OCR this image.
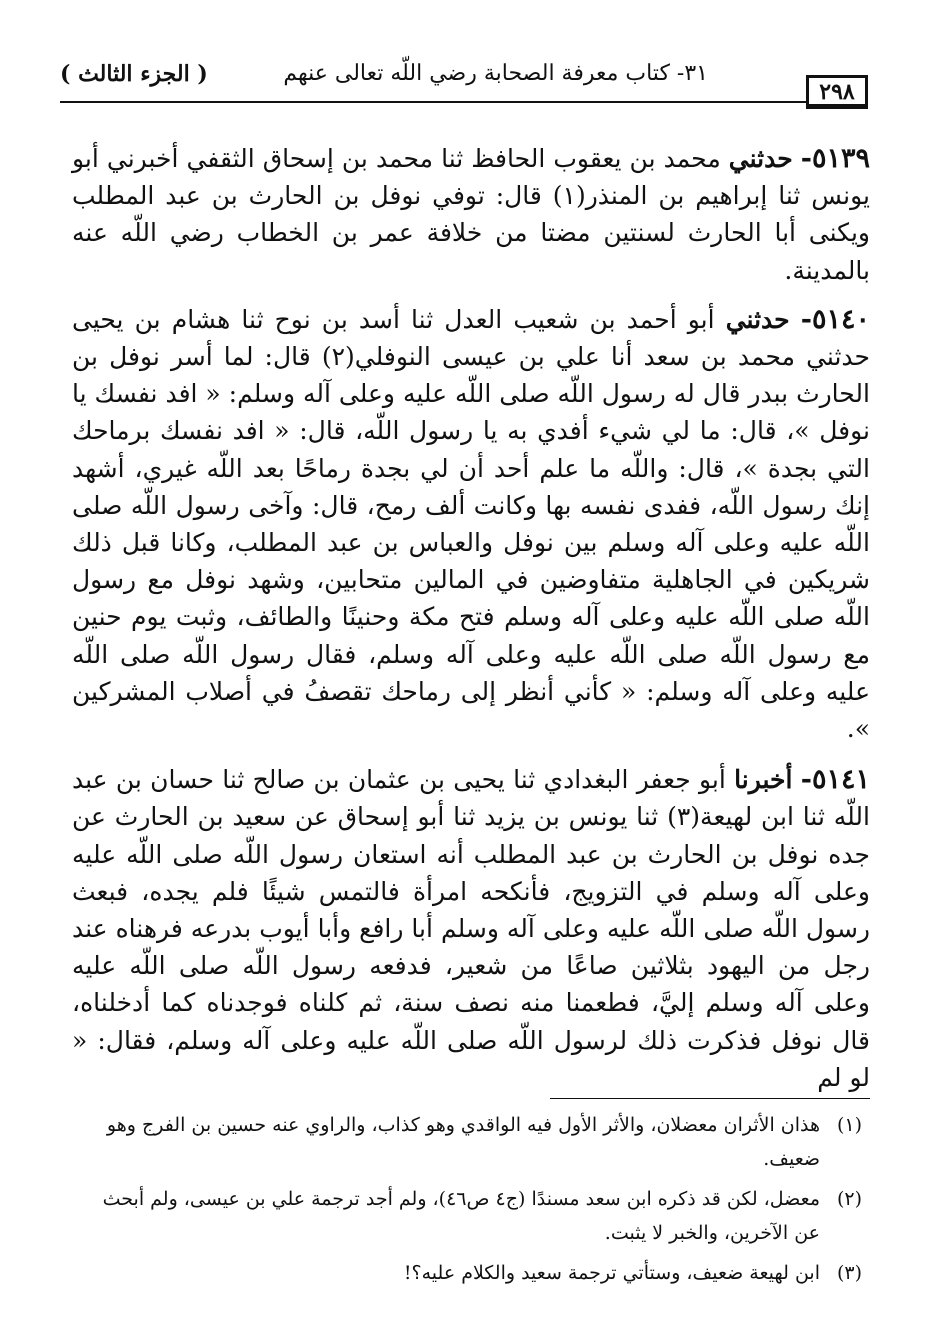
٢٩٨
٣١- كتاب معرفة الصحابة رضي اللّه تعالى عنهم
( الجزء الثالث )

٥١٣٩- حدثني محمد بن يعقوب الحافظ ثنا محمد بن إسحاق الثقفي أخبرني أبو يونس ثنا إبراهيم بن المنذر(١) قال: توفي نوفل بن الحارث بن عبد المطلب ويكنى أبا الحارث لسنتين مضتا من خلافة عمر بن الخطاب رضي اللّه عنه بالمدينة.

٥١٤٠- حدثني أبو أحمد بن شعيب العدل ثنا أسد بن نوح ثنا هشام بن يحيى حدثني محمد بن سعد أنا علي بن عيسى النوفلي(٢) قال: لما أسر نوفل بن الحارث ببدر قال له رسول اللّه صلى اللّه عليه وعلى آله وسلم: « افد نفسك يا نوفل »، قال: ما لي شيء أفدي به يا رسول اللّه، قال: « افد نفسك برماحك التي بجدة »، قال: واللّه ما علم أحد أن لي بجدة رماحًا بعد اللّه غيري، أشهد إنك رسول اللّه، ففدى نفسه بها وكانت ألف رمح، قال: وآخى رسول اللّه صلى اللّه عليه وعلى آله وسلم بين نوفل والعباس بن عبد المطلب، وكانا قبل ذلك شريكين في الجاهلية متفاوضين في المالين متحابين، وشهد نوفل مع رسول اللّه صلى اللّه عليه وعلى آله وسلم فتح مكة وحنينًا والطائف، وثبت يوم حنين مع رسول اللّه صلى اللّه عليه وعلى آله وسلم، فقال رسول اللّه صلى اللّه عليه وعلى آله وسلم: « كأني أنظر إلى رماحك تقصفُ في أصلاب المشركين ».

٥١٤١- أخبرنا أبو جعفر البغدادي ثنا يحيى بن عثمان بن صالح ثنا حسان بن عبد اللّه ثنا ابن لهيعة(٣) ثنا يونس بن يزيد ثنا أبو إسحاق عن سعيد بن الحارث عن جده نوفل بن الحارث بن عبد المطلب أنه استعان رسول اللّه صلى اللّه عليه وعلى آله وسلم في التزويج، فأنكحه امرأة فالتمس شيئًا فلم يجده، فبعث رسول اللّه صلى اللّه عليه وعلى آله وسلم أبا رافع وأبا أيوب بدرعه فرهناه عند رجل من اليهود بثلاثين صاعًا من شعير، فدفعه رسول اللّه صلى اللّه عليه وعلى آله وسلم إليَّ، فطعمنا منه نصف سنة، ثم كلناه فوجدناه كما أدخلناه، قال نوفل فذكرت ذلك لرسول اللّه صلى اللّه عليه وعلى آله وسلم، فقال: « لو لم

(١)
هذان الأثران معضلان، والأثر الأول فيه الواقدي وهو كذاب، والراوي عنه حسين بن الفرج وهو ضعيف.
(٢)
معضل، لكن قد ذكره ابن سعد مسندًا (ج٤ ص٤٦)، ولم أجد ترجمة علي بن عيسى، ولم أبحث عن الآخرين، والخبر لا يثبت.
(٣)
ابن لهيعة ضعيف، وستأتي ترجمة سعيد والكلام عليه؟!
